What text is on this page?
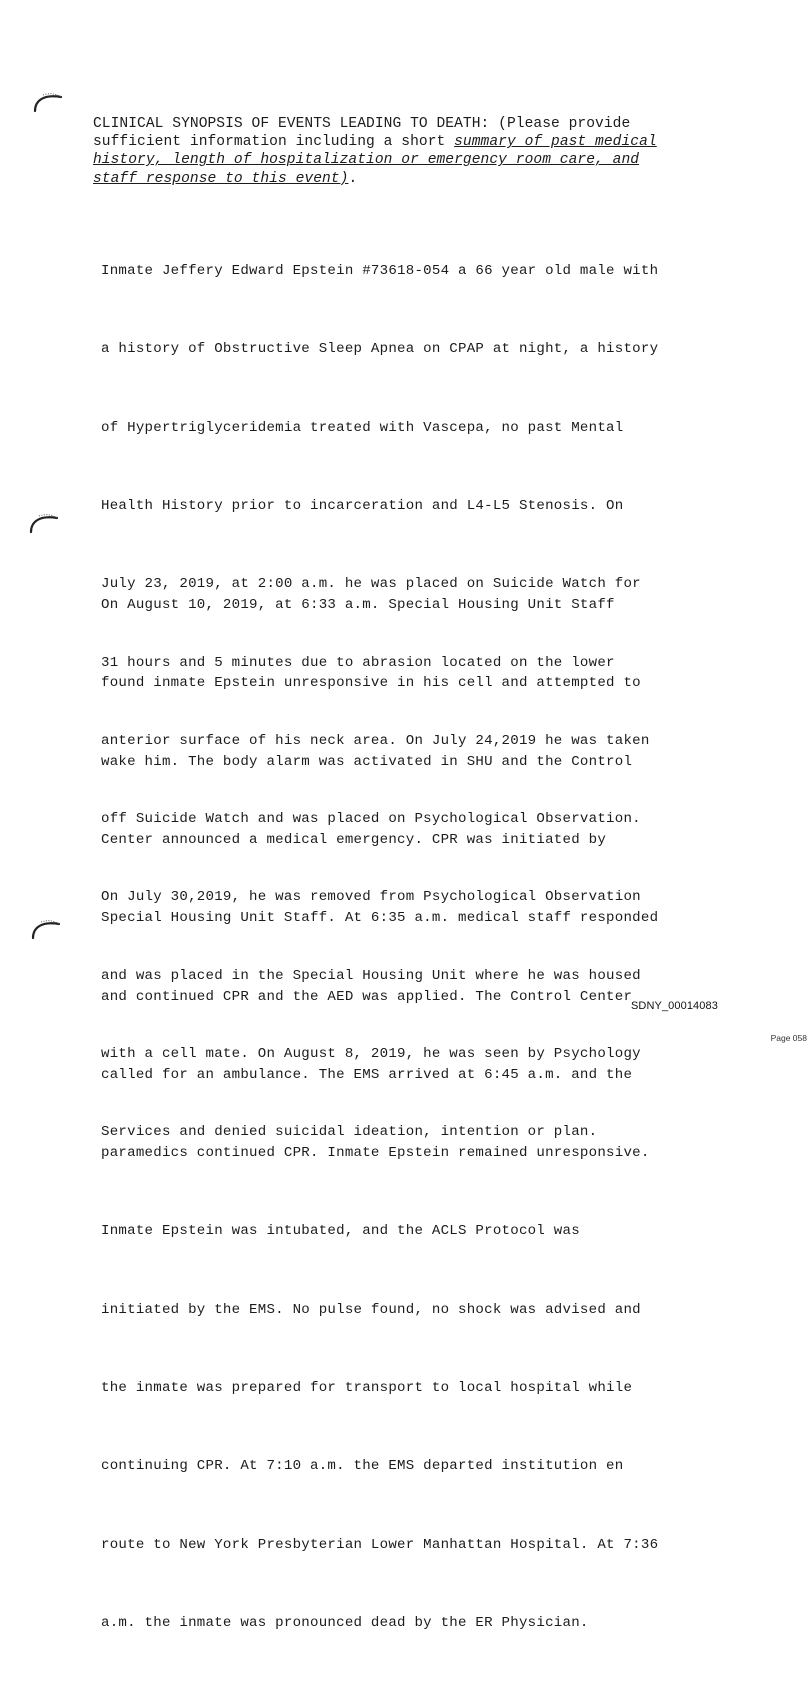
CLINICAL SYNOPSIS OF EVENTS LEADING TO DEATH: (Please provide
sufficient information including a short summary of past medical
history, length of hospitalization or emergency room care, and
staff response to this event).

Inmate Jeffery Edward Epstein #73618-054 a 66 year old male with

a history of Obstructive Sleep Apnea on CPAP at night, a history

of Hypertriglyceridemia treated with Vascepa, no past Mental

Health History prior to incarceration and L4-L5 Stenosis. On

July 23, 2019, at 2:00 a.m. he was placed on Suicide Watch for

31 hours and 5 minutes due to abrasion located on the lower

anterior surface of his neck area. On July 24,2019 he was taken

off Suicide Watch and was placed on Psychological Observation.

On July 30,2019, he was removed from Psychological Observation

and was placed in the Special Housing Unit where he was housed

with a cell mate. On August 8, 2019, he was seen by Psychology

Services and denied suicidal ideation, intention or plan.

On August 10, 2019, at 6:33 a.m. Special Housing Unit Staff

found inmate Epstein unresponsive in his cell and attempted to

wake him. The body alarm was activated in SHU and the Control

Center announced a medical emergency. CPR was initiated by

Special Housing Unit Staff. At 6:35 a.m. medical staff responded

and continued CPR and the AED was applied. The Control Center

called for an ambulance. The EMS arrived at 6:45 a.m. and the

paramedics continued CPR. Inmate Epstein remained unresponsive.

Inmate Epstein was intubated, and the ACLS Protocol was

initiated by the EMS. No pulse found, no shock was advised and

the inmate was prepared for transport to local hospital while

continuing CPR. At 7:10 a.m. the EMS departed institution en

route to New York Presbyterian Lower Manhattan Hospital. At 7:36

a.m. the inmate was pronounced dead by the ER Physician.

SDNY_00014083
Page 058
